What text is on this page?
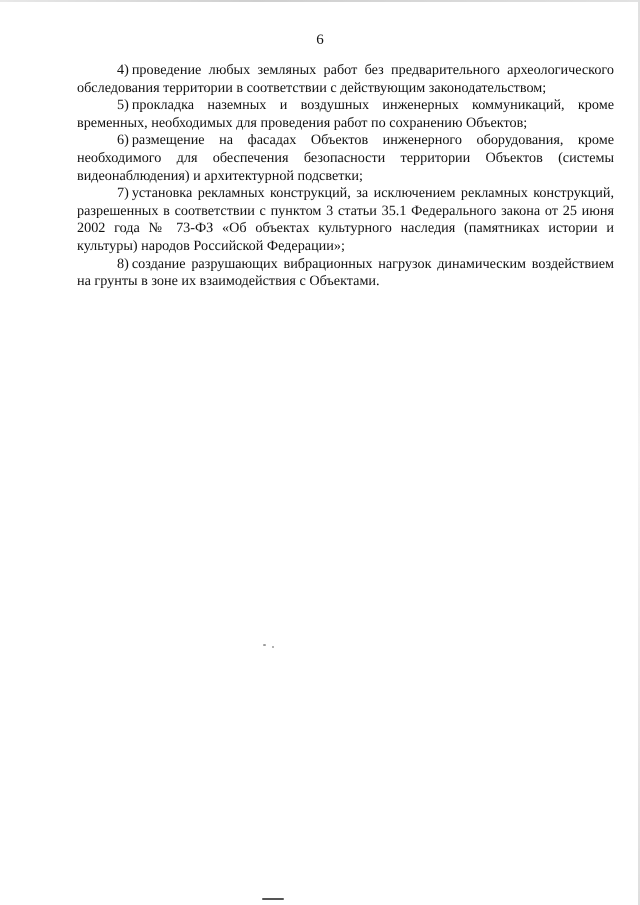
6

4) проведение любых земляных работ без предварительного археологического обследования территории в соответствии с действующим законодательством;

5) прокладка наземных и воздушных инженерных коммуникаций, кроме временных, необходимых для проведения работ по сохранению Объектов;

6) размещение на фасадах Объектов инженерного оборудования, кроме необходимого для обеспечения безопасности территории Объектов (системы видеонаблюдения) и архитектурной подсветки;

7) установка рекламных конструкций, за исключением рекламных конструкций, разрешенных в соответствии с пунктом 3 статьи 35.1 Федерального закона от 25 июня 2002 года № 73-ФЗ «Об объектах культурного наследия (памятниках истории и культуры) народов Российской Федерации»;

8) создание разрушающих вибрационных нагрузок динамическим воздействием на грунты в зоне их взаимодействия с Объектами.
